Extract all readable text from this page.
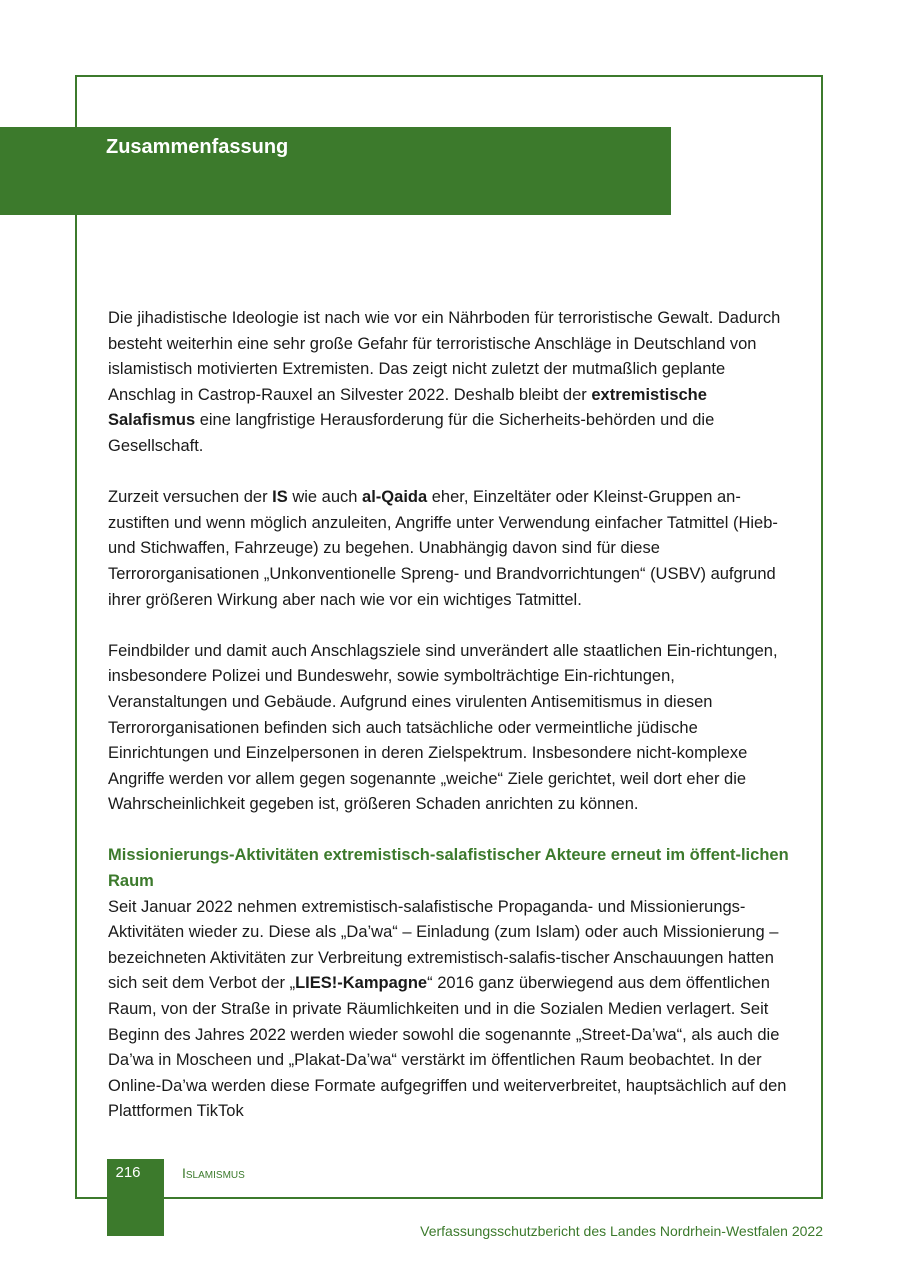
Zusammenfassung

Die jihadistische Ideologie ist nach wie vor ein Nährboden für terroristische Gewalt. Dadurch besteht weiterhin eine sehr große Gefahr für terroristische Anschläge in Deutschland von islamistisch motivierten Extremisten. Das zeigt nicht zuletzt der mutmaßlich geplante Anschlag in Castrop-Rauxel an Silvester 2022. Deshalb bleibt der extremistische Salafismus eine langfristige Herausforderung für die Sicherheits-behörden und die Gesellschaft.

Zurzeit versuchen der IS wie auch al-Qaida eher, Einzeltäter oder Kleinst-Gruppen an-zustiften und wenn möglich anzuleiten, Angriffe unter Verwendung einfacher Tatmittel (Hieb- und Stichwaffen, Fahrzeuge) zu begehen. Unabhängig davon sind für diese Terrororganisationen „Unkonventionelle Spreng- und Brandvorrichtungen“ (USBV) aufgrund ihrer größeren Wirkung aber nach wie vor ein wichtiges Tatmittel.

Feindbilder und damit auch Anschlagsziele sind unverändert alle staatlichen Ein-richtungen, insbesondere Polizei und Bundeswehr, sowie symbolträchtige Ein-richtungen, Veranstaltungen und Gebäude. Aufgrund eines virulenten Antisemitismus in diesen Terrororganisationen befinden sich auch tatsächliche oder vermeintliche jüdische Einrichtungen und Einzelpersonen in deren Zielspektrum. Insbesondere nicht-komplexe Angriffe werden vor allem gegen sogenannte „weiche“ Ziele gerichtet, weil dort eher die Wahrscheinlichkeit gegeben ist, größeren Schaden anrichten zu können.

Missionierungs-Aktivitäten extremistisch-salafistischer Akteure erneut im öffent-lichen Raum

Seit Januar 2022 nehmen extremistisch-salafistische Propaganda- und Missionierungs-Aktivitäten wieder zu. Diese als „Da’wa“ – Einladung (zum Islam) oder auch Missionierung – bezeichneten Aktivitäten zur Verbreitung extremistisch-salafis-tischer Anschauungen hatten sich seit dem Verbot der „LIES!-Kampagne“ 2016 ganz überwiegend aus dem öffentlichen Raum, von der Straße in private Räumlichkeiten und in die Sozialen Medien verlagert. Seit Beginn des Jahres 2022 werden wieder sowohl die sogenannte „Street-Da’wa“, als auch die Da’wa in Moscheen und „Plakat-Da’wa“ verstärkt im öffentlichen Raum beobachtet. In der Online-Da’wa werden diese Formate aufgegriffen und weiterverbreitet, hauptsächlich auf den Plattformen TikTok

216	Islamismus

Verfassungsschutzbericht des Landes Nordrhein-Westfalen 2022
